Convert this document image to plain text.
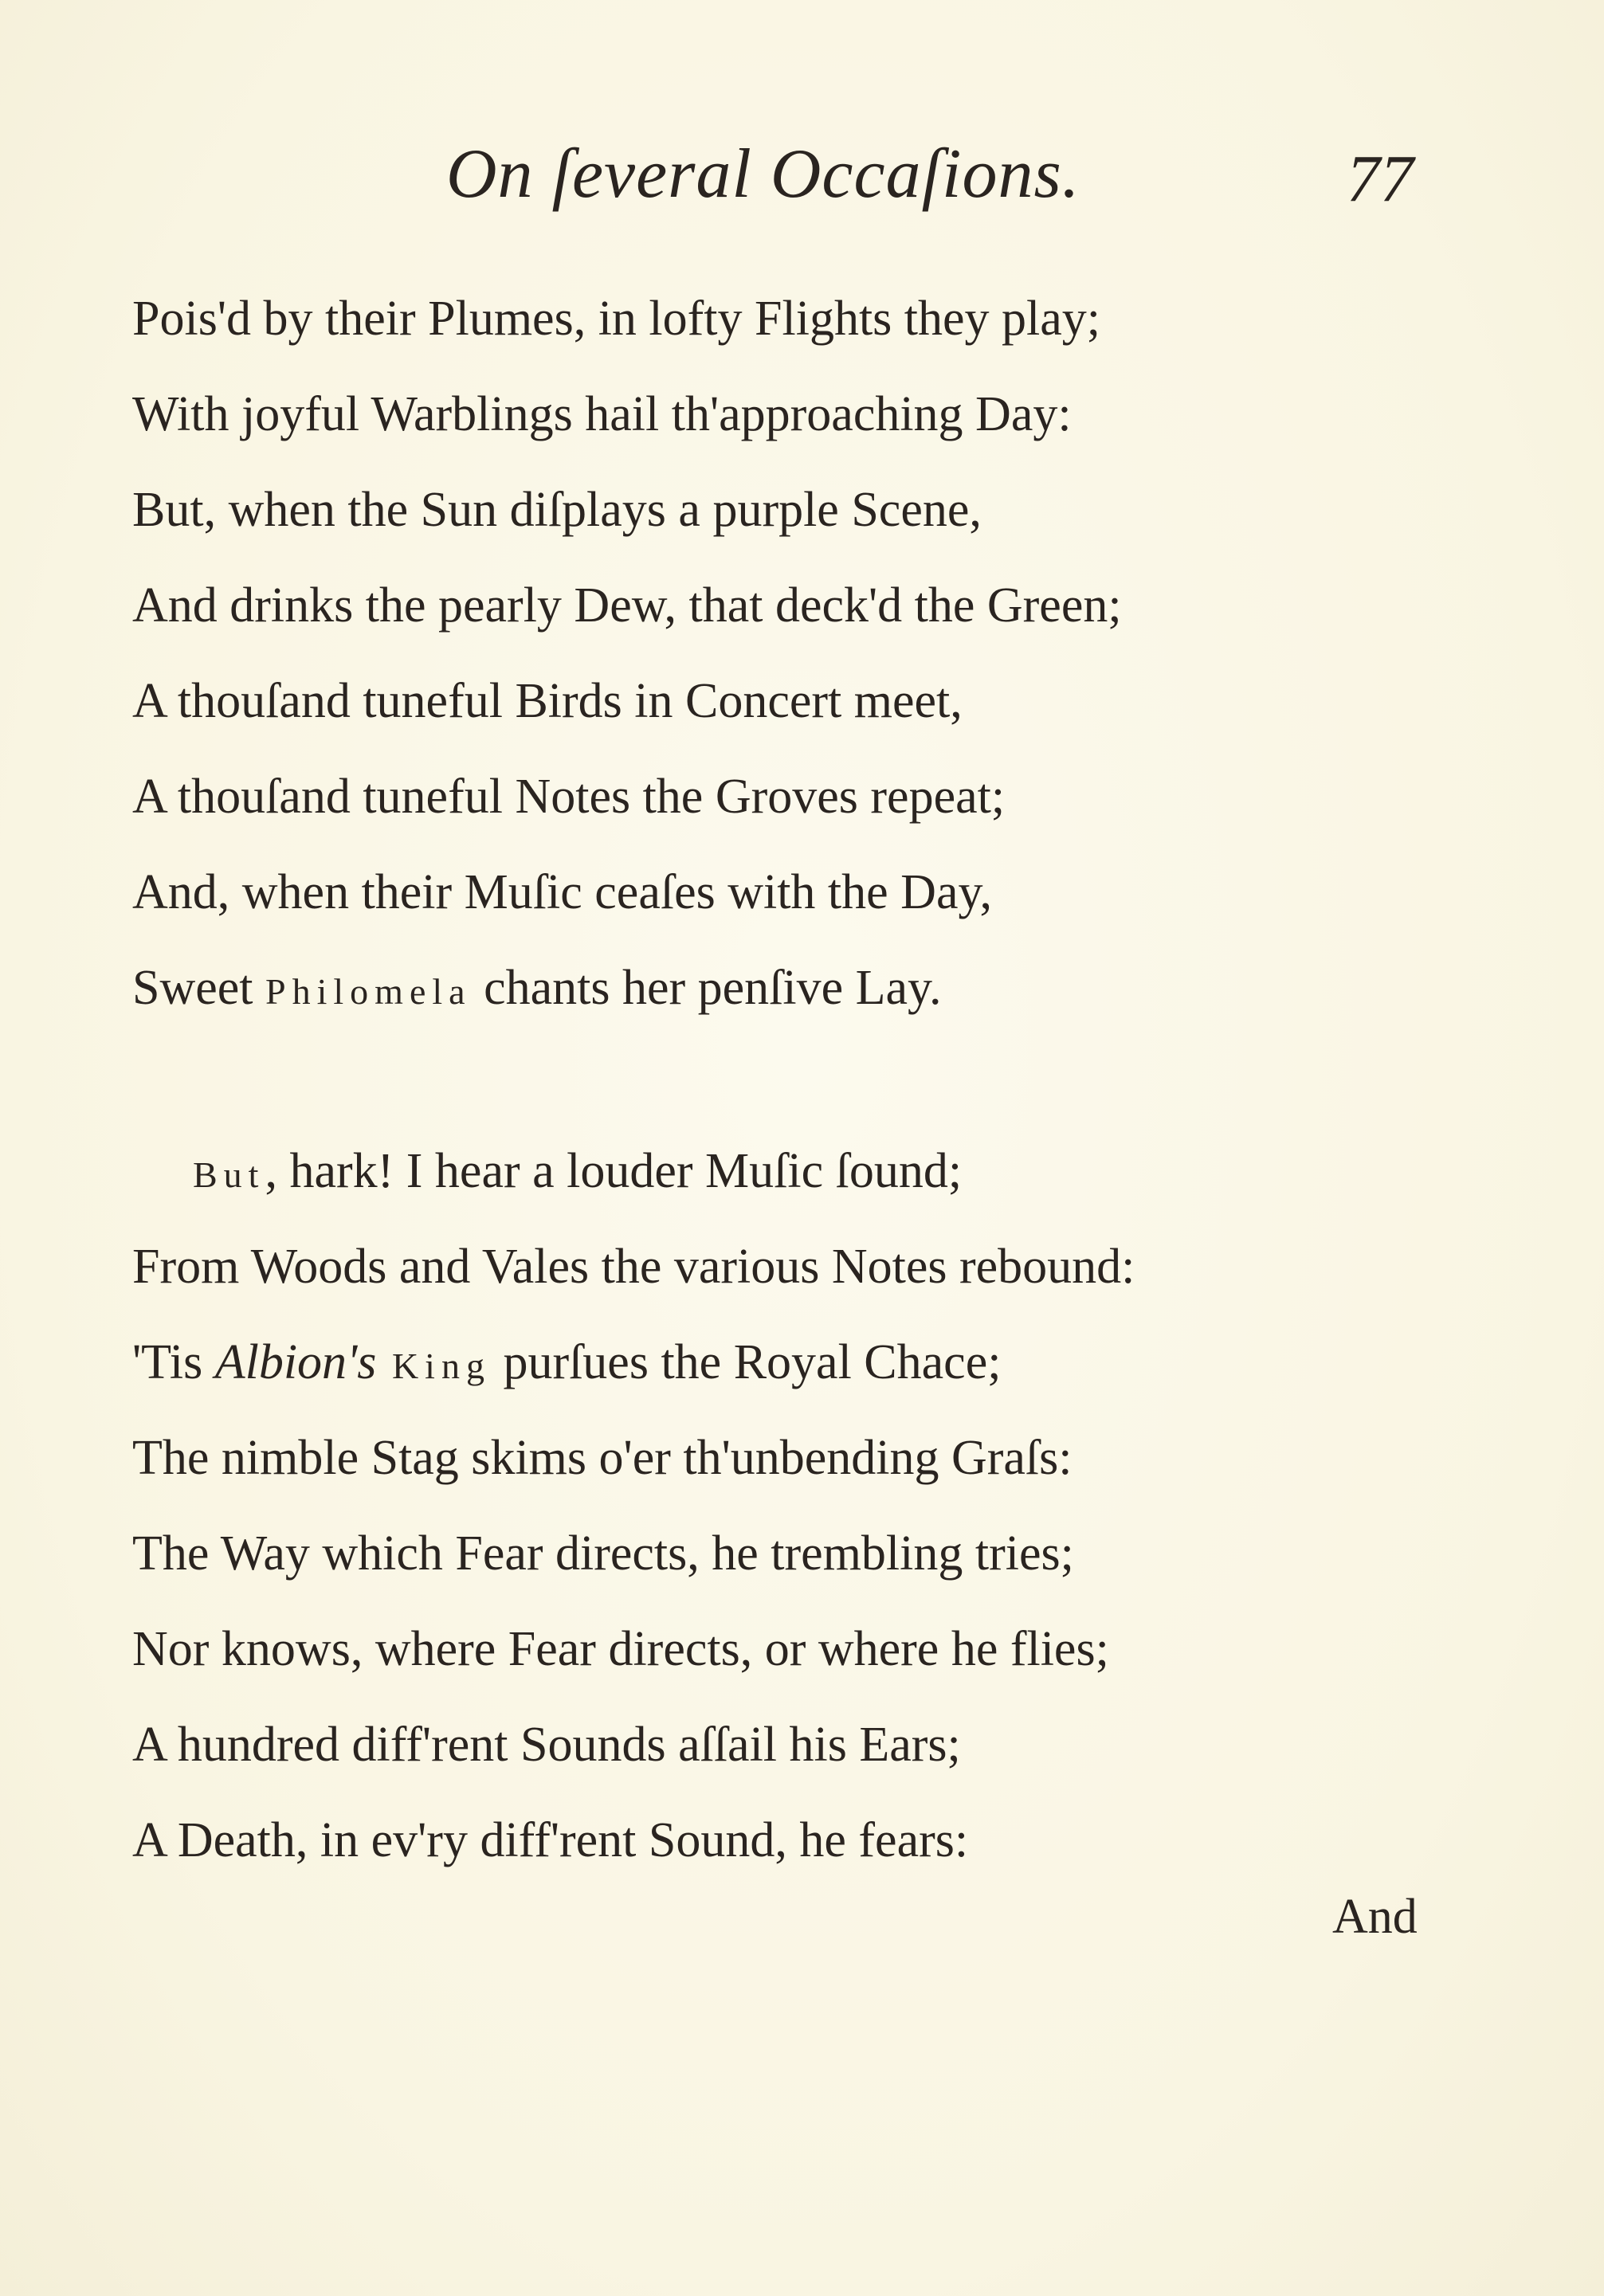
On ſeveral Occaſions.	77
Pois'd by their Plumes, in lofty Flights they play;
With joyful Warblings hail th'approaching Day:
But, when the Sun diſplays a purple Scene,
And drinks the pearly Dew, that deck'd the Green;
A thouſand tuneful Birds in Concert meet,
A thouſand tuneful Notes the Groves repeat;
And, when their Muſic ceaſes with the Day,
Sweet Philomela chants her penſive Lay.
But, hark! I hear a louder Muſic ſound;
From Woods and Vales the various Notes rebound:
'Tis Albion's King purſues the Royal Chace;
The nimble Stag skims o'er th'unbending Graſs:
The Way which Fear directs, he trembling tries;
Nor knows, where Fear directs, or where he flies;
A hundred diff'rent Sounds aſſail his Ears;
A Death, in ev'ry diff'rent Sound, he fears:
And
